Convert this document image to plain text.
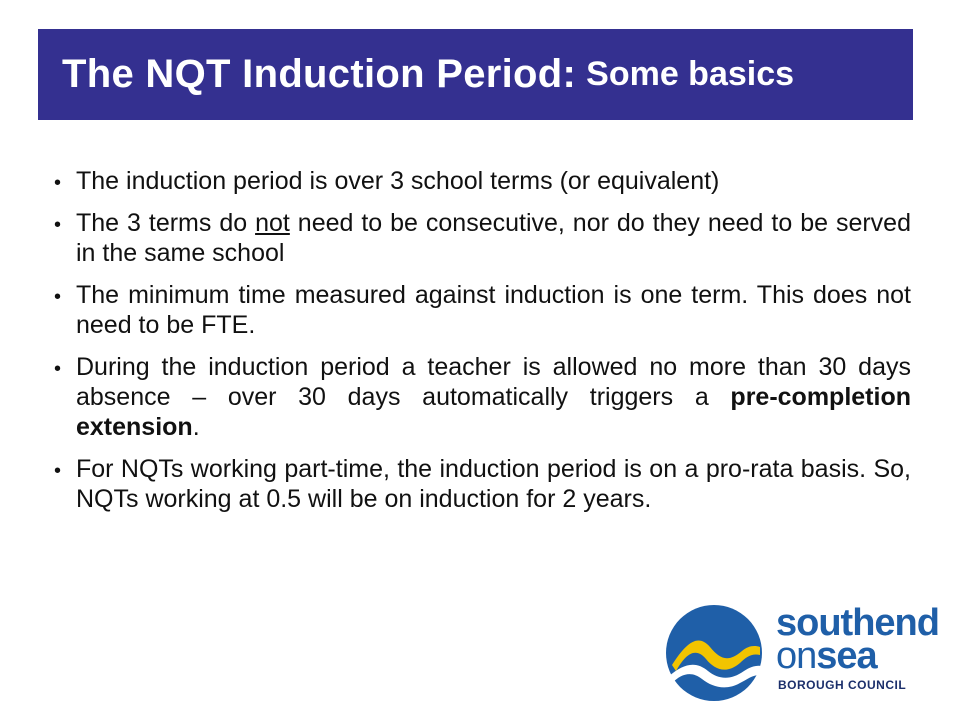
The NQT Induction Period: Some basics
• The induction period is over 3 school terms (or equivalent)
• The 3 terms do not need to be consecutive, nor do they need to be served in the same school
• The minimum time measured against induction is one term. This does not need to be FTE.
• During the induction period a teacher is allowed no more than 30 days absence – over 30 days automatically triggers a pre-completion extension.
• For NQTs working part-time, the induction period is on a pro-rata basis. So, NQTs working at 0.5 will be on induction for 2 years.
southend
onsea
BOROUGH COUNCIL
